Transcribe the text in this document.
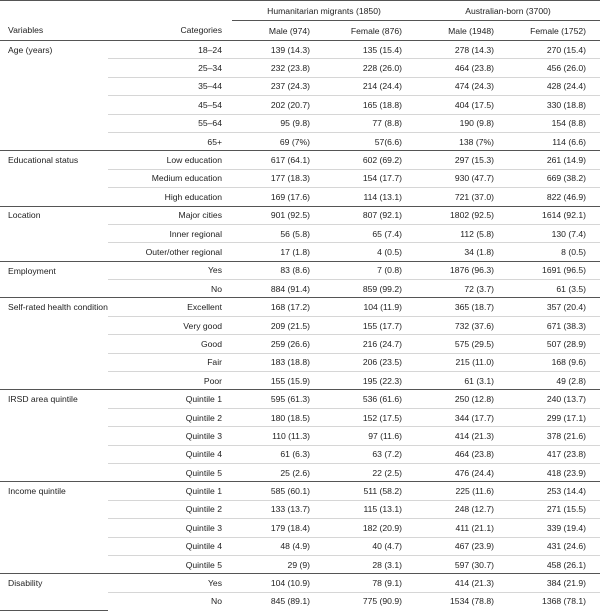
		Humanitarian migrants (1850)		Australian-born (3700)	
Variables	Categories	Male (974)	Female (876)	Male (1948)	Female (1752)
Age (years)	18–24	139 (14.3)	135 (15.4)	278 (14.3)	270 (15.4)
	25–34	232 (23.8)	228 (26.0)	464 (23.8)	456 (26.0)
	35–44	237 (24.3)	214 (24.4)	474 (24.3)	428 (24.4)
	45–54	202 (20.7)	165 (18.8)	404 (17.5)	330 (18.8)
	55–64	95 (9.8)	77 (8.8)	190 (9.8)	154 (8.8)
	65+	69 (7%)	57(6.6)	138 (7%)	114 (6.6)
Educational status	Low education	617 (64.1)	602 (69.2)	297 (15.3)	261 (14.9)
	Medium education	177 (18.3)	154 (17.7)	930 (47.7)	669 (38.2)
	High education	169 (17.6)	114 (13.1)	721 (37.0)	822 (46.9)
Location	Major cities	901 (92.5)	807 (92.1)	1802 (92.5)	1614 (92.1)
	Inner regional	56 (5.8)	65 (7.4)	112 (5.8)	130 (7.4)
	Outer/other regional	17 (1.8)	4 (0.5)	34 (1.8)	8 (0.5)
Employment	Yes	83 (8.6)	7 (0.8)	1876 (96.3)	1691 (96.5)
	No	884 (91.4)	859 (99.2)	72 (3.7)	61 (3.5)
Self-rated health condition	Excellent	168 (17.2)	104 (11.9)	365 (18.7)	357 (20.4)
	Very good	209 (21.5)	155 (17.7)	732 (37.6)	671 (38.3)
	Good	259 (26.6)	216 (24.7)	575 (29.5)	507 (28.9)
	Fair	183 (18.8)	206 (23.5)	215 (11.0)	168 (9.6)
	Poor	155 (15.9)	195 (22.3)	61 (3.1)	49 (2.8)
IRSD area quintile	Quintile 1	595 (61.3)	536 (61.6)	250 (12.8)	240 (13.7)
	Quintile 2	180 (18.5)	152 (17.5)	344 (17.7)	299 (17.1)
	Quintile 3	110 (11.3)	97 (11.6)	414 (21.3)	378 (21.6)
	Quintile 4	61 (6.3)	63 (7.2)	464 (23.8)	417 (23.8)
	Quintile 5	25 (2.6)	22 (2.5)	476 (24.4)	418 (23.9)
Income quintile	Quintile 1	585 (60.1)	511 (58.2)	225 (11.6)	253 (14.4)
	Quintile 2	133 (13.7)	115 (13.1)	248 (12.7)	271 (15.5)
	Quintile 3	179 (18.4)	182 (20.9)	411 (21.1)	339 (19.4)
	Quintile 4	48 (4.9)	40 (4.7)	467 (23.9)	431 (24.6)
	Quintile 5	29 (9)	28 (3.1)	597 (30.7)	458 (26.1)
Disability	Yes	104 (10.9)	78 (9.1)	414 (21.3)	384 (21.9)
	No	845 (89.1)	775 (90.9)	1534 (78.8)	1368 (78.1)
